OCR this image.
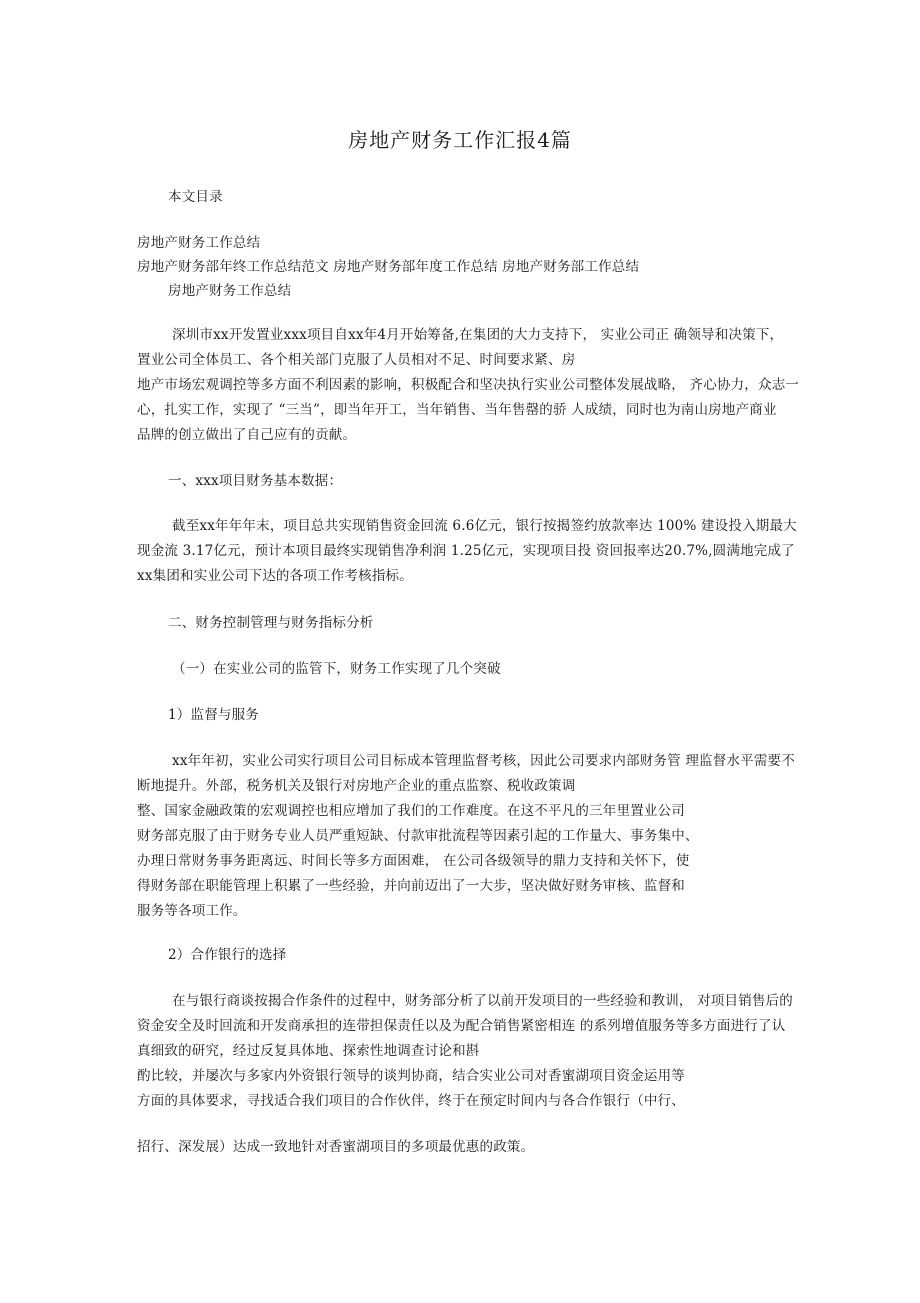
房地产财务工作汇报4篇
本文目录
房地产财务工作总结
房地产财务部年终工作总结范文 房地产财务部年度工作总结 房地产财务部工作总结
房地产财务工作总结
深圳市xx开发置业xxx项目自xx年4月开始筹备,在集团的大力支持下， 实业公司正 确领导和决策下，
置业公司全体员工、各个相关部门克服了人员相对不足、时间要求紧、房
地产市场宏观调控等多方面不利因素的影响，积极配合和坚决执行实业公司整体发展战略， 齐心协力，众志一
心，扎实工作，实现了 “三当”，即当年开工，当年销售、当年售罄的骄 人成绩，同时也为南山房地产商业
品牌的创立做出了自己应有的贡献。
一、xxx项目财务基本数据：
截至xx年年年末，项目总共实现销售资金回流 6.6亿元，银行按揭签约放款率达 100% 建设投入期最大
现金流 3.17亿元，预计本项目最终实现销售净利润 1.25亿元，实现项目投 资回报率达20.7%,圆满地完成了
xx集团和实业公司下达的各项工作考核指标。
二、财务控制管理与财务指标分析
（一）在实业公司的监管下，财务工作实现了几个突破
1）监督与服务
xx年年初，实业公司实行项目公司目标成本管理监督考核，因此公司要求内部财务管 理监督水平需要不
断地提升。外部，税务机关及银行对房地产企业的重点监察、税收政策调
整、国家金融政策的宏观调控也相应增加了我们的工作难度。在这不平凡的三年里置业公司
财务部克服了由于财务专业人员严重短缺、付款审批流程等因素引起的工作量大、事务集中、
办理日常财务事务距离远、时间长等多方面困难， 在公司各级领导的鼎力支持和关怀下，使
得财务部在职能管理上积累了一些经验，并向前迈出了一大步，坚决做好财务审核、监督和
服务等各项工作。
2）合作银行的选择
在与银行商谈按揭合作条件的过程中，财务部分析了以前开发项目的一些经验和教训， 对项目销售后的
资金安全及时回流和开发商承担的连带担保责任以及为配合销售紧密相连 的系列增值服务等多方面进行了认
真细致的研究，经过反复具体地、探索性地调查讨论和斟
酌比较，并屡次与多家内外资银行领导的谈判协商，结合实业公司对香蜜湖项目资金运用等
方面的具体要求，寻找适合我们项目的合作伙伴，终于在预定时间内与各合作银行（中行、
招行、深发展）达成一致地针对香蜜湖项目的多项最优惠的政策。
